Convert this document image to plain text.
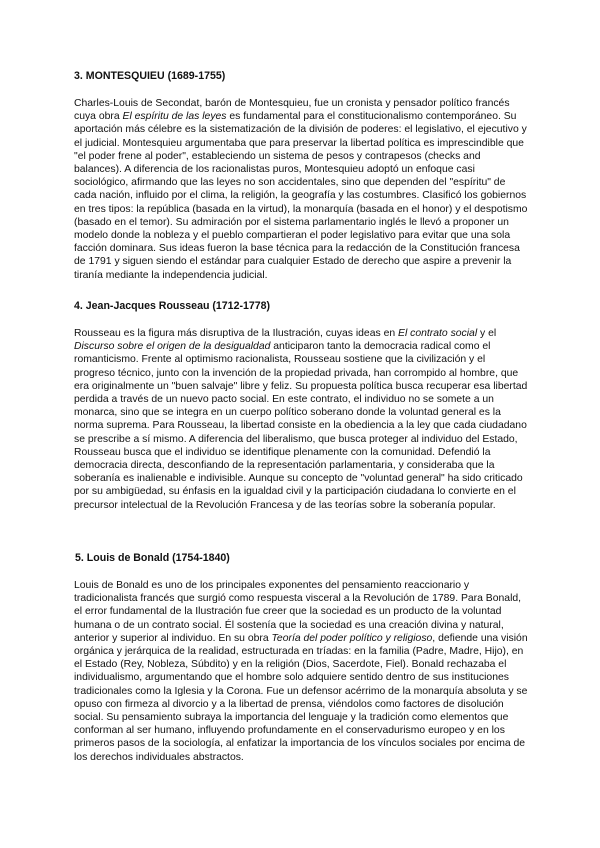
3. MONTESQUIEU (1689-1755)

Charles-Louis de Secondat, barón de Montesquieu, fue un cronista y pensador político francés cuya obra El espíritu de las leyes es fundamental para el constitucionalismo contemporáneo. Su aportación más célebre es la sistematización de la división de poderes: el legislativo, el ejecutivo y el judicial. Montesquieu argumentaba que para preservar la libertad política es imprescindible que "el poder frene al poder", estableciendo un sistema de pesos y contrapesos (checks and balances). A diferencia de los racionalistas puros, Montesquieu adoptó un enfoque casi sociológico, afirmando que las leyes no son accidentales, sino que dependen del "espíritu" de cada nación, influido por el clima, la religión, la geografía y las costumbres. Clasificó los gobiernos en tres tipos: la república (basada en la virtud), la monarquía (basada en el honor) y el despotismo (basado en el temor). Su admiración por el sistema parlamentario inglés le llevó a proponer un modelo donde la nobleza y el pueblo compartieran el poder legislativo para evitar que una sola facción dominara. Sus ideas fueron la base técnica para la redacción de la Constitución francesa de 1791 y siguen siendo el estándar para cualquier Estado de derecho que aspire a prevenir la tiranía mediante la independencia judicial.

4. Jean-Jacques Rousseau (1712-1778)

Rousseau es la figura más disruptiva de la Ilustración, cuyas ideas en El contrato social y el Discurso sobre el origen de la desigualdad anticiparon tanto la democracia radical como el romanticismo. Frente al optimismo racionalista, Rousseau sostiene que la civilización y el progreso técnico, junto con la invención de la propiedad privada, han corrompido al hombre, que era originalmente un "buen salvaje" libre y feliz. Su propuesta política busca recuperar esa libertad perdida a través de un nuevo pacto social. En este contrato, el individuo no se somete a un monarca, sino que se integra en un cuerpo político soberano donde la voluntad general es la norma suprema. Para Rousseau, la libertad consiste en la obediencia a la ley que cada ciudadano se prescribe a sí mismo. A diferencia del liberalismo, que busca proteger al individuo del Estado, Rousseau busca que el individuo se identifique plenamente con la comunidad. Defendió la democracia directa, desconfiando de la representación parlamentaria, y consideraba que la soberanía es inalienable e indivisible. Aunque su concepto de "voluntad general" ha sido criticado por su ambigüedad, su énfasis en la igualdad civil y la participación ciudadana lo convierte en el precursor intelectual de la Revolución Francesa y de las teorías sobre la soberanía popular.

5. Louis de Bonald (1754-1840)

Louis de Bonald es uno de los principales exponentes del pensamiento reaccionario y tradicionalista francés que surgió como respuesta visceral a la Revolución de 1789. Para Bonald, el error fundamental de la Ilustración fue creer que la sociedad es un producto de la voluntad humana o de un contrato social. Él sostenía que la sociedad es una creación divina y natural, anterior y superior al individuo. En su obra Teoría del poder político y religioso, defiende una visión orgánica y jerárquica de la realidad, estructurada en tríadas: en la familia (Padre, Madre, Hijo), en el Estado (Rey, Nobleza, Súbdito) y en la religión (Dios, Sacerdote, Fiel). Bonald rechazaba el individualismo, argumentando que el hombre solo adquiere sentido dentro de sus instituciones tradicionales como la Iglesia y la Corona. Fue un defensor acérrimo de la monarquía absoluta y se opuso con firmeza al divorcio y a la libertad de prensa, viéndolos como factores de disolución social. Su pensamiento subraya la importancia del lenguaje y la tradición como elementos que conforman al ser humano, influyendo profundamente en el conservadurismo europeo y en los primeros pasos de la sociología, al enfatizar la importancia de los vínculos sociales por encima de los derechos individuales abstractos.
